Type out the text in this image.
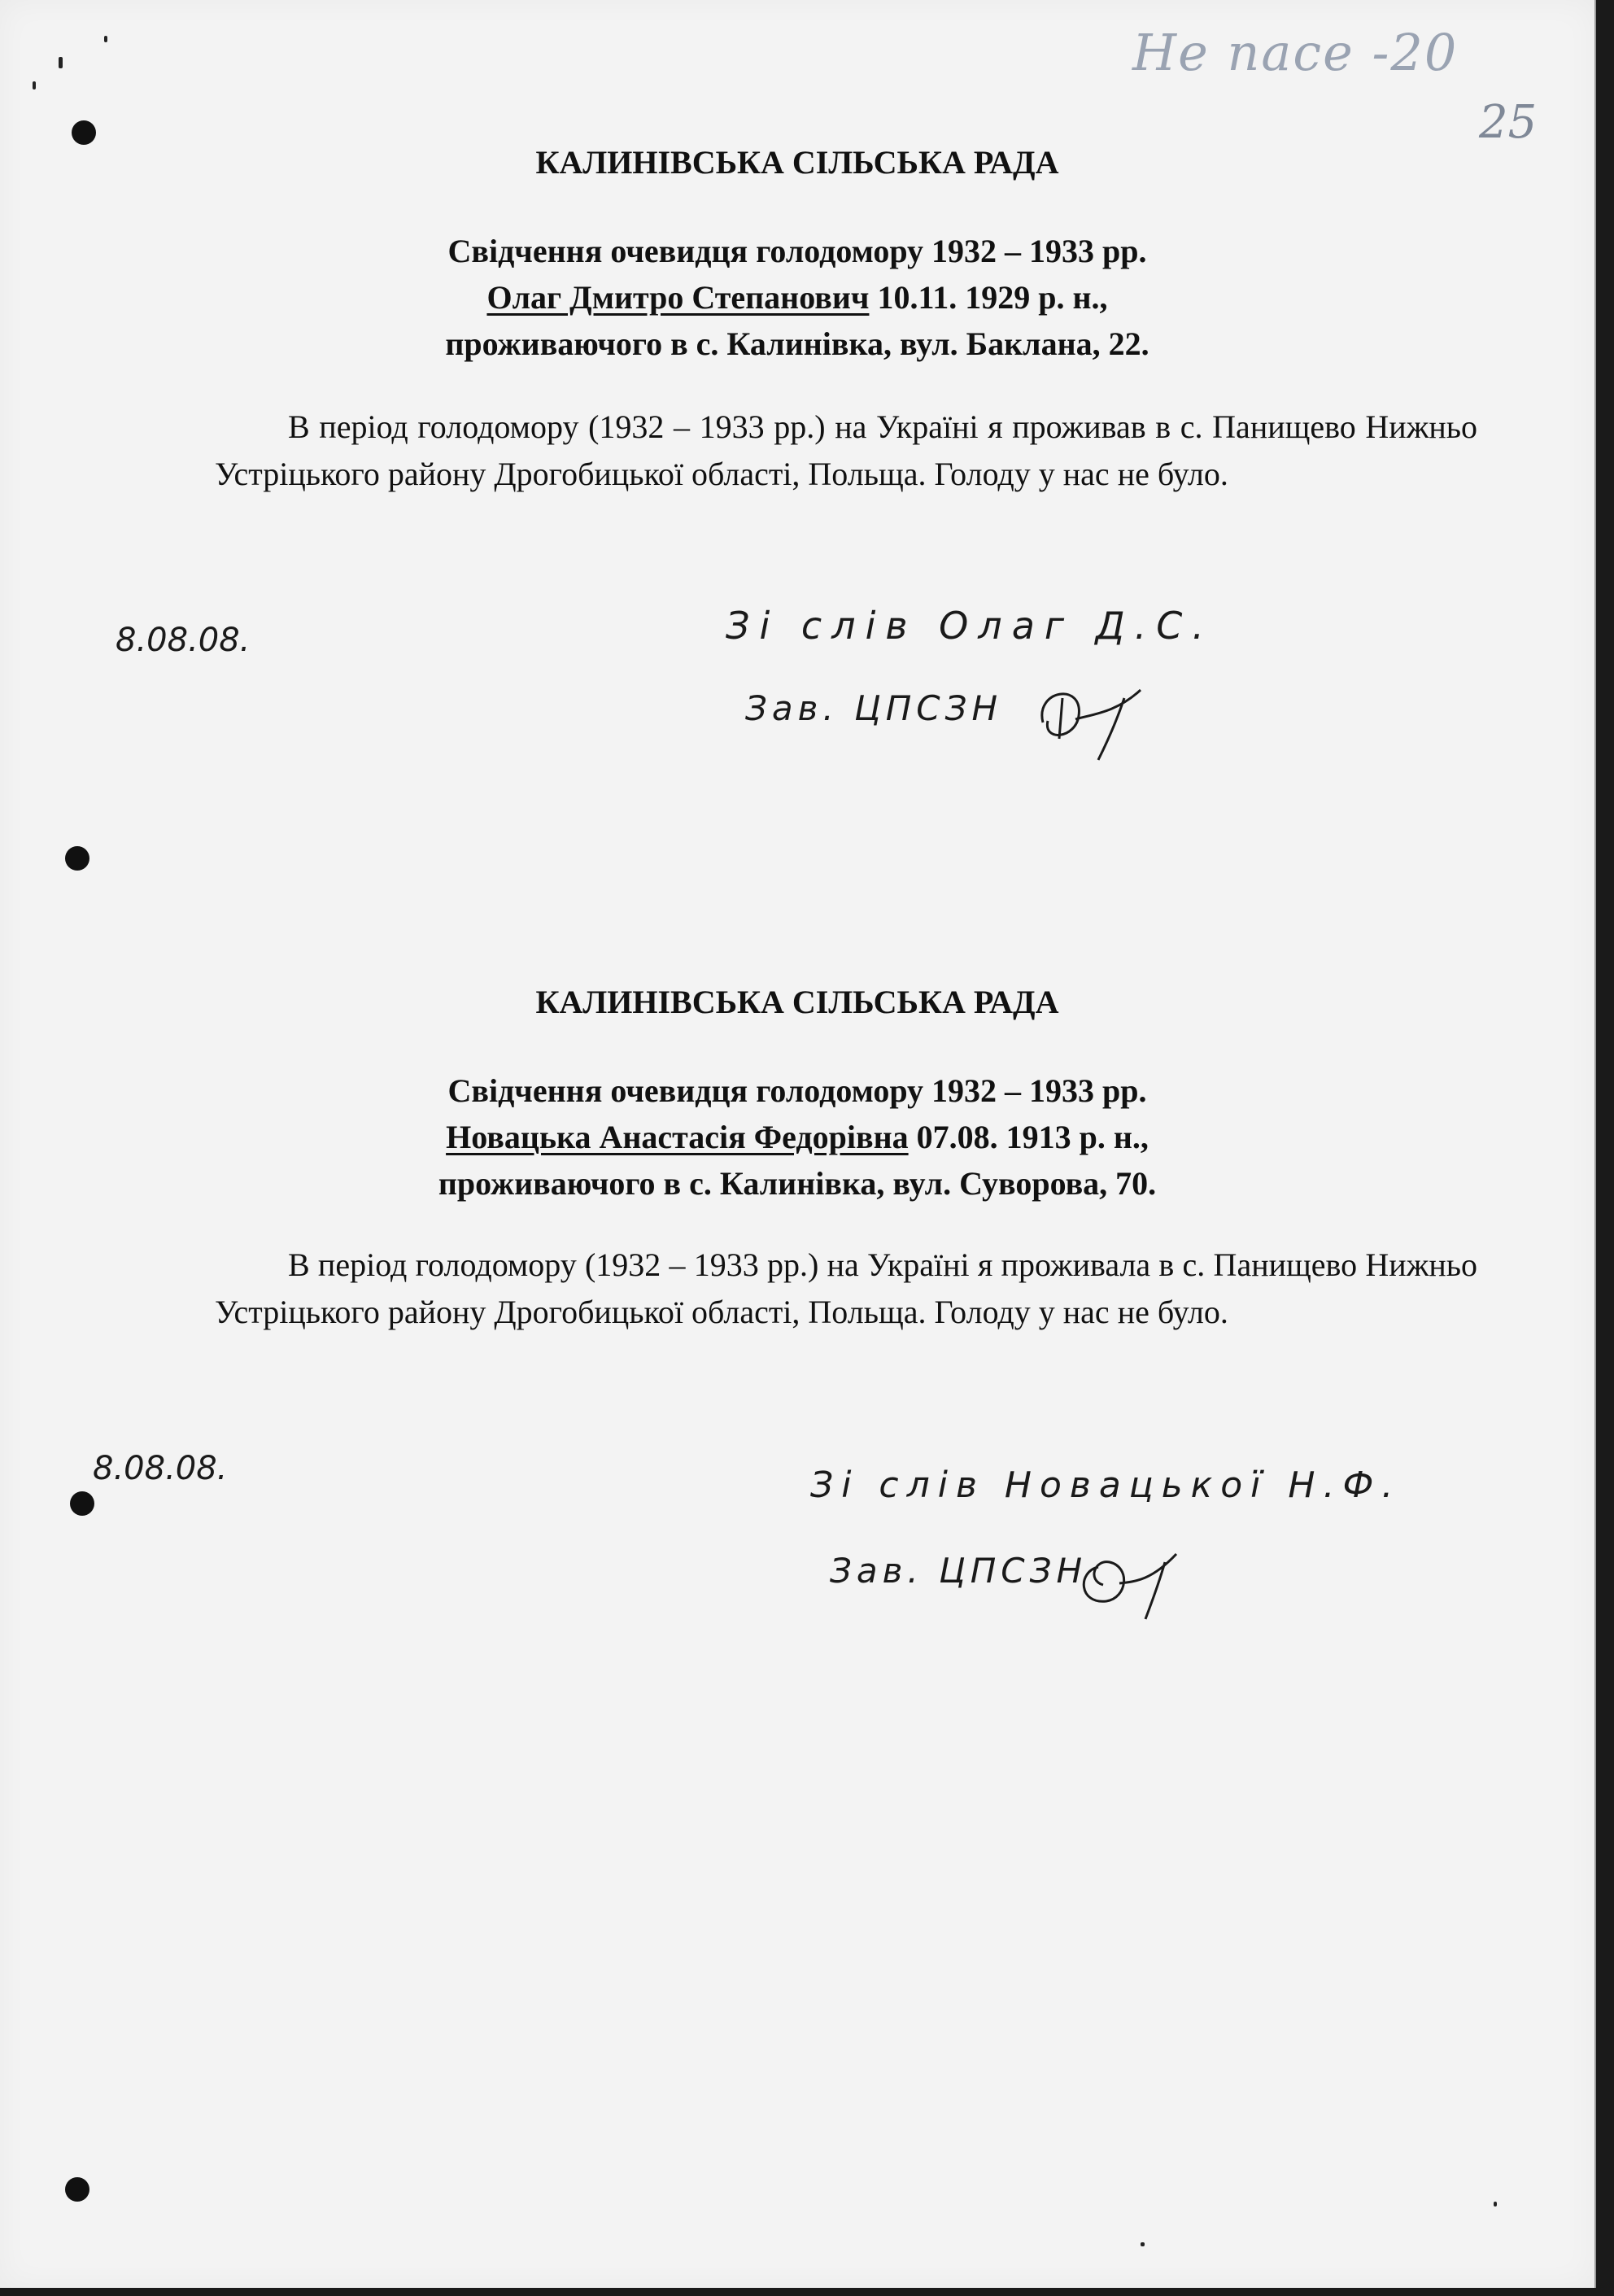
Не пасе -20
25
КАЛИНІВСЬКА СІЛЬСЬКА РАДА
Свідчення очевидця голодомору 1932 – 1933 рр.
Олаг Дмитро Степанович 10.11. 1929 р. н.,
проживаючого в с. Калинівка, вул. Баклана, 22.
В період голодомору (1932 – 1933 рр.) на Україні я проживав в с. Панищево Нижньо Устріцького району Дрогобицької області, Польща. Голоду у нас не було.
8.08.08.	Зі слів Олаг Д.С.
Зав. ЦПСЗН
КАЛИНІВСЬКА СІЛЬСЬКА РАДА
Свідчення очевидця голодомору 1932 – 1933 рр.
Новацька Анастасія Федорівна 07.08. 1913 р. н.,
проживаючого в с. Калинівка, вул. Суворова, 70.
В період голодомору (1932 – 1933 рр.) на Україні я проживала в с. Панищево Нижньо Устріцького району Дрогобицької області, Польща. Голоду у нас не було.
8.08.08.	Зі слів Новацької Н.Ф.
Зав. ЦПСЗН
